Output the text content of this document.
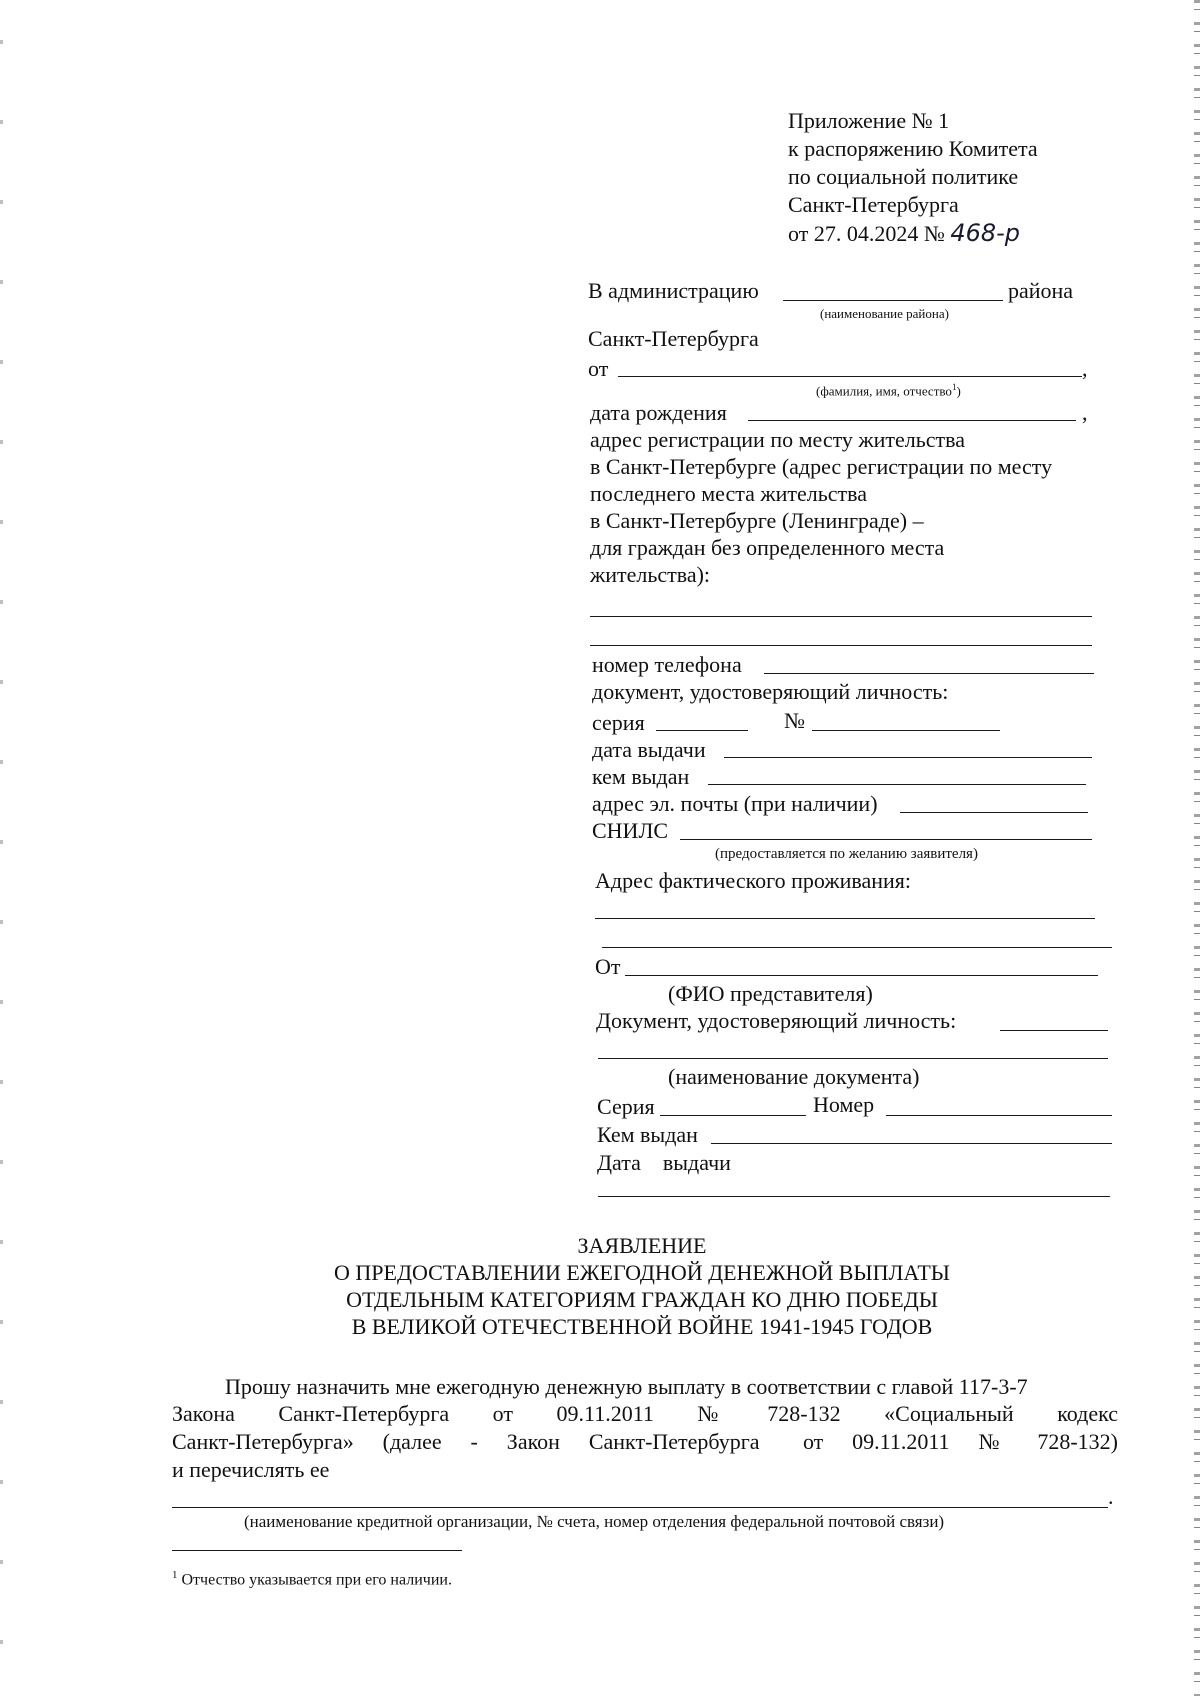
Приложение № 1
к распоряжению Комитета
по социальной политике
Санкт-Петербурга
от 27. 04.2024 № 468-р
В администрацию	района
(наименование района)
Санкт-Петербурга
от	,
(фамилия, имя, отчество$^1$)
дата рождения	,
адрес регистрации по месту жительства
в Санкт-Петербурге (адрес регистрации по месту
последнего места жительства
в Санкт-Петербурге (Ленинграде) –
для граждан без определенного места
жительства):
номер телефона
документ, удостоверяющий личность:
серия	№
дата выдачи
кем выдан
адрес эл. почты (при наличии)
СНИЛС
(предоставляется по желанию заявителя)
Адрес фактического проживания:
От
(ФИО представителя)
Документ, удостоверяющий личность:
(наименование документа)
Серия	Номер
Кем выдан
Дата    выдачи
ЗАЯВЛЕНИЕ
О ПРЕДОСТАВЛЕНИИ ЕЖЕГОДНОЙ ДЕНЕЖНОЙ ВЫПЛАТЫ
ОТДЕЛЬНЫМ КАТЕГОРИЯМ ГРАЖДАН КО ДНЮ ПОБЕДЫ
В ВЕЛИКОЙ ОТЕЧЕСТВЕННОЙ ВОЙНЕ 1941-1945 ГОДОВ
Прошу назначить мне ежегодную денежную выплату в соответствии с главой 117-3-7
Закона    Санкт-Петербурга    от    09.11.2011    №    728-132    «Социальный    кодекс
Санкт-Петербурга»  (далее  -  Закон  Санкт-Петербурга   от  09.11.2011  №  728-132)
и перечислять ее
.
(наименование кредитной организации, № счета, номер отделения федеральной почтовой связи)
$^1$ Отчество указывается при его наличии.
